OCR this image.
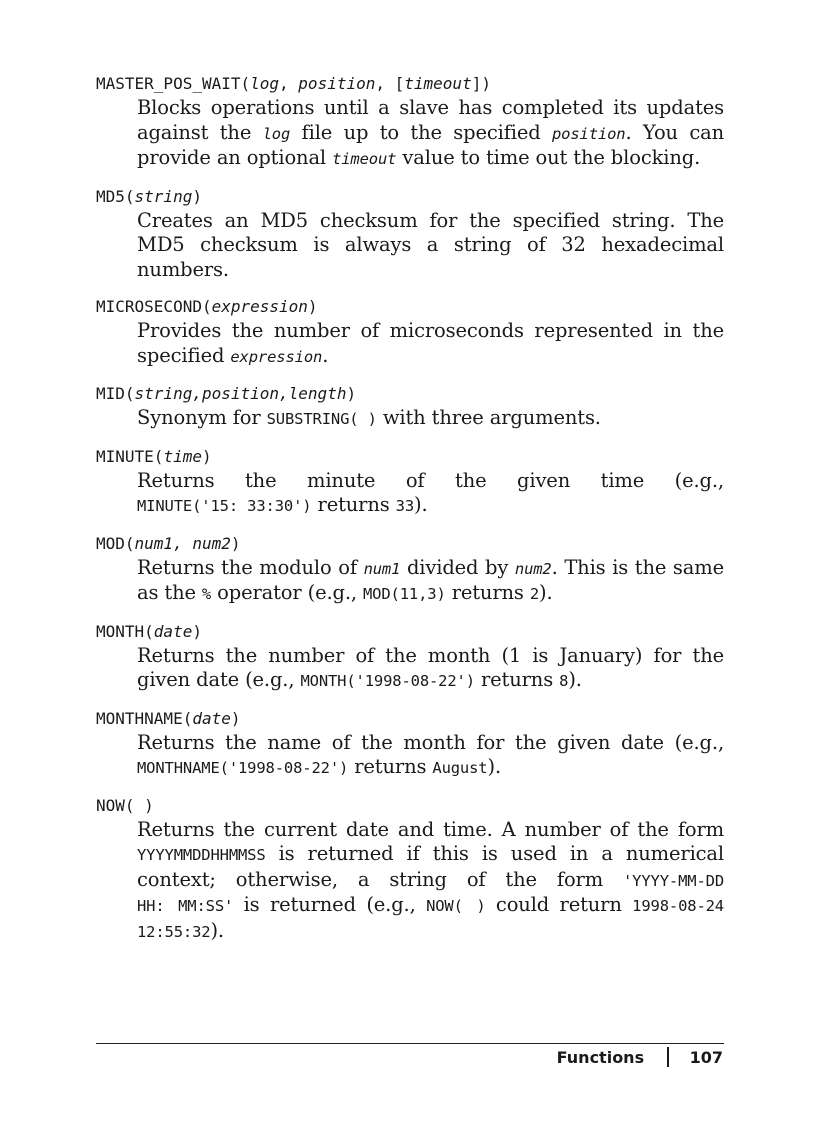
MASTER_POS_WAIT(log, position, [timeout])
Blocks operations until a slave has completed its updates against the log file up to the specified position. You can provide an optional timeout value to time out the blocking.
MD5(string)
Creates an MD5 checksum for the specified string. The MD5 checksum is always a string of 32 hexadecimal numbers.
MICROSECOND(expression)
Provides the number of microseconds represented in the specified expression.
MID(string,position,length)
Synonym for SUBSTRING( ) with three arguments.
MINUTE(time)
Returns the minute of the given time (e.g., MINUTE('15: 33:30') returns 33).
MOD(num1, num2)
Returns the modulo of num1 divided by num2. This is the same as the % operator (e.g., MOD(11,3) returns 2).
MONTH(date)
Returns the number of the month (1 is January) for the given date (e.g., MONTH('1998-08-22') returns 8).
MONTHNAME(date)
Returns the name of the month for the given date (e.g., MONTHNAME('1998-08-22') returns August).
NOW( )
Returns the current date and time. A number of the form YYYYMMDDHHMMSS is returned if this is used in a numerical context; otherwise, a string of the form 'YYYY-MM-DD HH: MM:SS' is returned (e.g., NOW( ) could return 1998-08-24 12:55:32).
Functions	107
